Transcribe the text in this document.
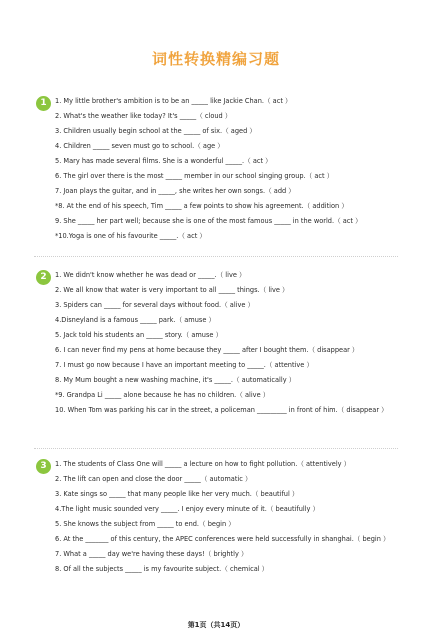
词性转换精编习题
1	1. My little brother's ambition is to be an _____ like Jackie Chan.（ act ）
2. What's the weather like today? It's _____（ cloud ）
3. Children usually begin school at the _____ of six.（ aged ）
4. Children _____ seven must go to school.（ age ）
5. Mary has made several films. She is a wonderful _____.（ act ）
6. The girl over there is the most _____ member in our school singing group.（ act ）
7. Joan plays the guitar, and in _____, she writes her own songs.（ add ）
*8. At the end of his speech, Tim _____ a few points to show his agreement.（ addition ）
9. She _____ her part well; because she is one of the most famous _____ in the world.（ act ）
*10.Yoga is one of his favourite _____.（ act ）
2	1. We didn't know whether he was dead or _____.（ live ）
2. We all know that water is very important to all _____ things.（ live ）
3. Spiders can _____ for several days without food.（ alive ）
4.Disneyland is a famous _____ park.（ amuse ）
5. Jack told his students an _____ story.（ amuse ）
6. I can never find my pens at home because they _____ after I bought them.（ disappear ）
7. I must go now because I have an important meeting to _____.（ attentive ）
8. My Mum bought a new washing machine, it's _____.（ automatically ）
*9. Grandpa Li _____ alone because he has no children.（ alive ）
10. When Tom was parking his car in the street, a policeman _________ in front of him.（ disappear ）
3	1. The students of Class One will _____ a lecture on how to fight pollution.（ attentively ）
2. The lift can open and close the door _____（ automatic ）
3. Kate sings so _____ that many people like her very much.（ beautiful ）
4.The light music sounded very _____. I enjoy every minute of it.（ beautifully ）
5. She knows the subject from _____ to end.（ begin ）
6. At the _______ of this century, the APEC conferences were held successfully in shanghai.（ begin ）
7. What a _____ day we're having these days!（ brightly ）
8. Of all the subjects _____ is my favourite subject.（ chemical ）
第1页（共14页）
